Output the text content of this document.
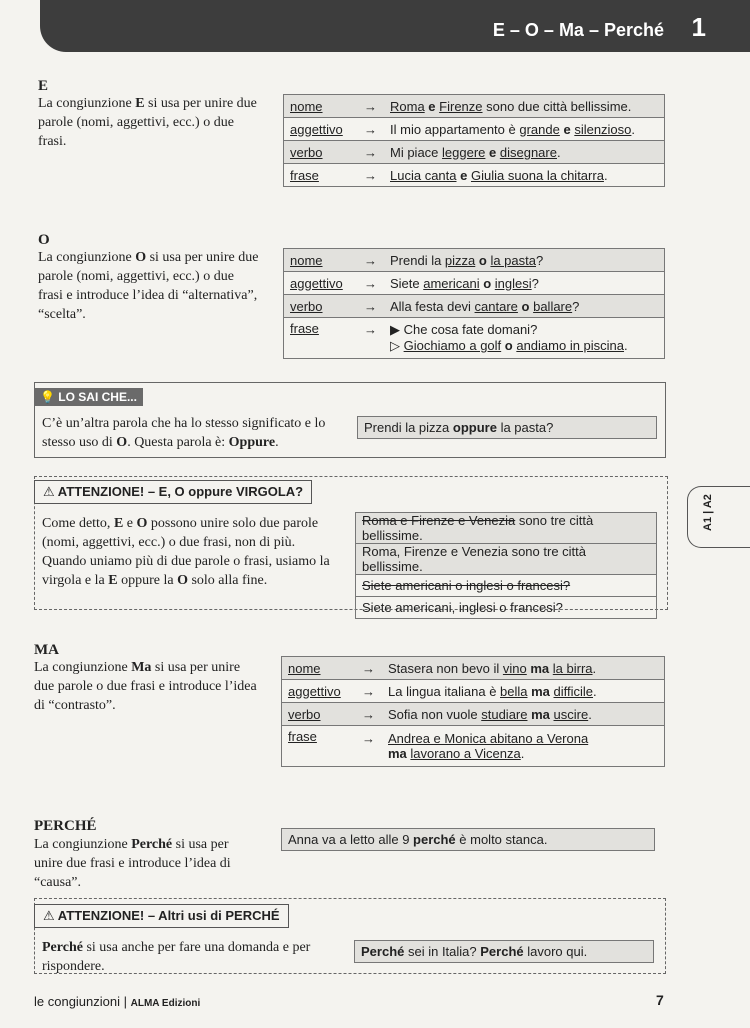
E – O – Ma – Perché 1
E
La congiunzione E si usa per unire due parole (nomi, aggettivi, ecc.) o due frasi.
nome	→ Roma e Firenze sono due città bellissime.
aggettivo	→ Il mio appartamento è grande e silenzioso.
verbo	→ Mi piace leggere e disegnare.
frase	→ Lucia canta e Giulia suona la chitarra.
O
La congiunzione O si usa per unire due parole (nomi, aggettivi, ecc.) o due frasi e introduce l’idea di “alternativa”, “scelta”.
nome	→ Prendi la pizza o la pasta?
aggettivo	→ Siete americani o inglesi?
verbo	→ Alla festa devi cantare o ballare?
frase	→ ▶ Che cosa fate domani?
▷ Giochiamo a golf o andiamo in piscina.
💡 LO SAI CHE...
C’è un’altra parola che ha lo stesso significato e lo stesso uso di O. Questa parola è: Oppure.
Prendi la pizza oppure la pasta?
⚠ ATTENZIONE! – E, O oppure VIRGOLA?
Come detto, E e O possono unire solo due parole (nomi, aggettivi, ecc.) o due frasi, non di più. Quando uniamo più di due parole o frasi, usiamo la virgola e la E oppure la O solo alla fine.
Roma e Firenze e Venezia sono tre città bellissime.
Roma, Firenze e Venezia sono tre città bellissime.
Siete americani o inglesi o francesi?
Siete americani, inglesi o francesi?
MA
La congiunzione Ma si usa per unire due parole o due frasi e introduce l’idea di “contrasto”.
nome	→ Stasera non bevo il vino ma la birra.
aggettivo	→ La lingua italiana è bella ma difficile.
verbo	→ Sofia non vuole studiare ma uscire.
frase	→ Andrea e Monica abitano a Verona
ma lavorano a Vicenza.
PERCHÉ
La congiunzione Perché si usa per unire due frasi e introduce l’idea di “causa”.
Anna va a letto alle 9 perché è molto stanca.
⚠ ATTENZIONE! – Altri usi di PERCHÉ
Perché si usa anche per fare una domanda e per rispondere.
Perché sei in Italia? Perché lavoro qui.
A1 | A2
le congiunzioni | ALMA Edizioni	7
